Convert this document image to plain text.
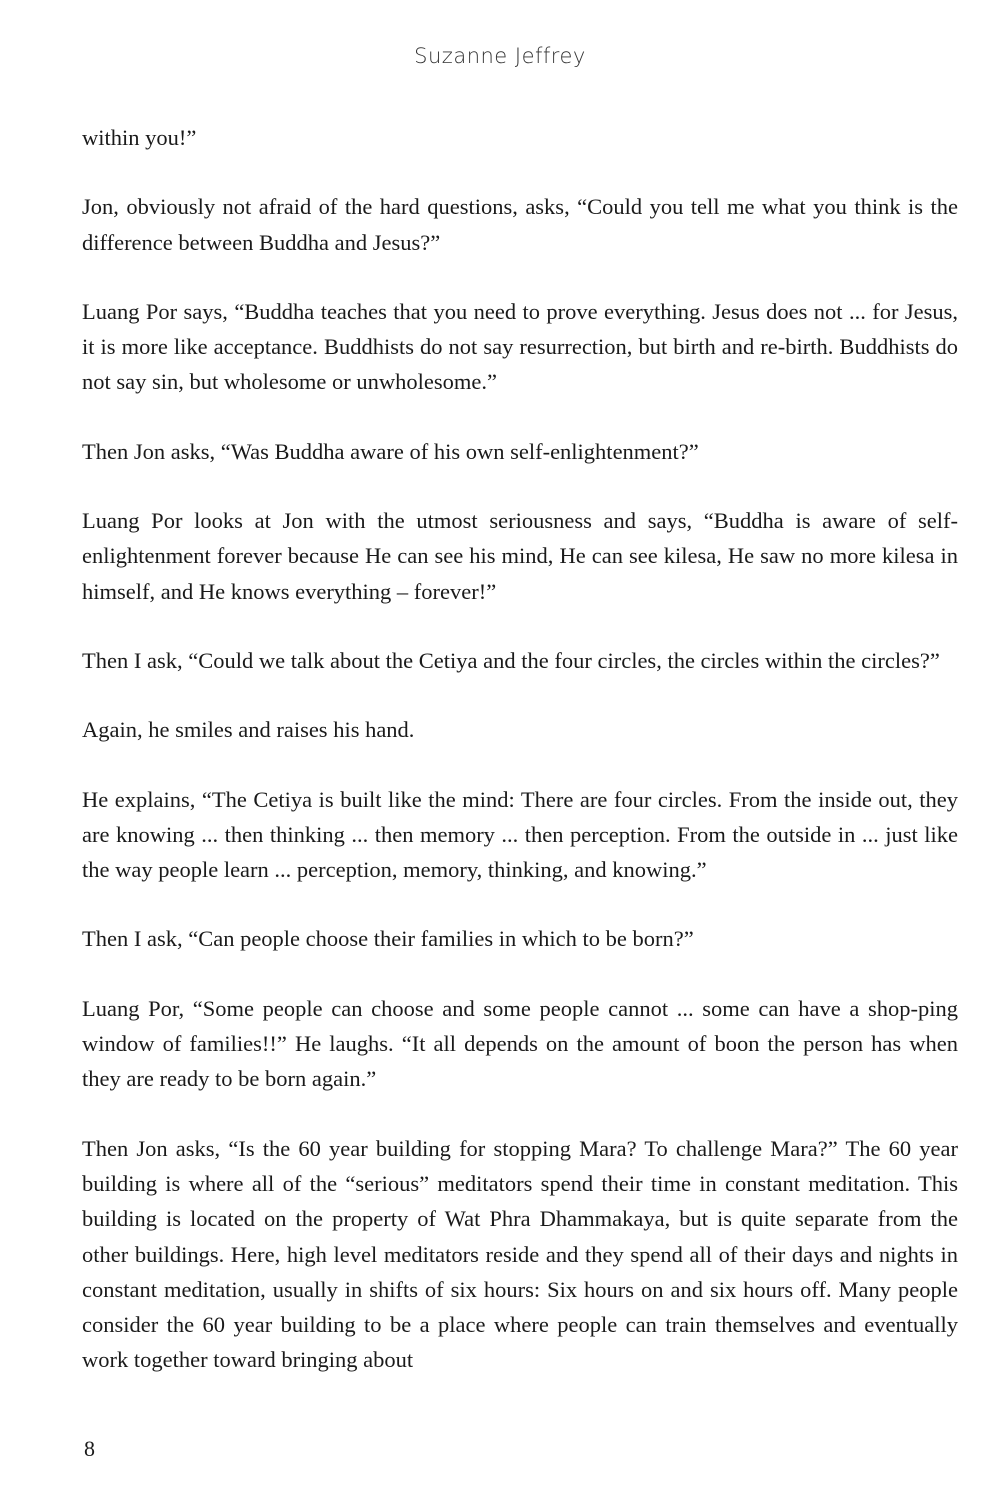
Suzanne Jeffrey

within you!”

Jon, obviously not afraid of the hard questions, asks, “Could you tell me what you think is the difference between Buddha and Jesus?”

Luang Por says, “Buddha teaches that you need to prove everything. Jesus does not ... for Jesus, it is more like acceptance. Buddhists do not say resurrection, but birth and re-birth. Buddhists do not say sin, but wholesome or unwholesome.”

Then Jon asks, “Was Buddha aware of his own self-enlightenment?”

Luang Por looks at Jon with the utmost seriousness and says, “Buddha is aware of self-enlightenment forever because He can see his mind, He can see kilesa, He saw no more kilesa in himself, and He knows everything – forever!”

Then I ask, “Could we talk about the Cetiya and the four circles, the circles within the circles?”

Again, he smiles and raises his hand.

He explains, “The Cetiya is built like the mind: There are four circles. From the inside out, they are knowing ... then thinking ... then memory ... then perception. From the outside in ... just like the way people learn ... perception, memory, thinking, and knowing.”

Then I ask, “Can people choose their families in which to be born?”

Luang Por, “Some people can choose and some people cannot ... some can have a shop-ping window of families!!” He laughs. “It all depends on the amount of boon the person has when they are ready to be born again.”

Then Jon asks, “Is the 60 year building for stopping Mara? To challenge Mara?” The 60 year building is where all of the “serious” meditators spend their time in constant meditation. This building is located on the property of Wat Phra Dhammakaya, but is quite separate from the other buildings. Here, high level meditators reside and they spend all of their days and nights in constant meditation, usually in shifts of six hours: Six hours on and six hours off. Many people consider the 60 year building to be a place where people can train themselves and eventually work together toward bringing about

8
